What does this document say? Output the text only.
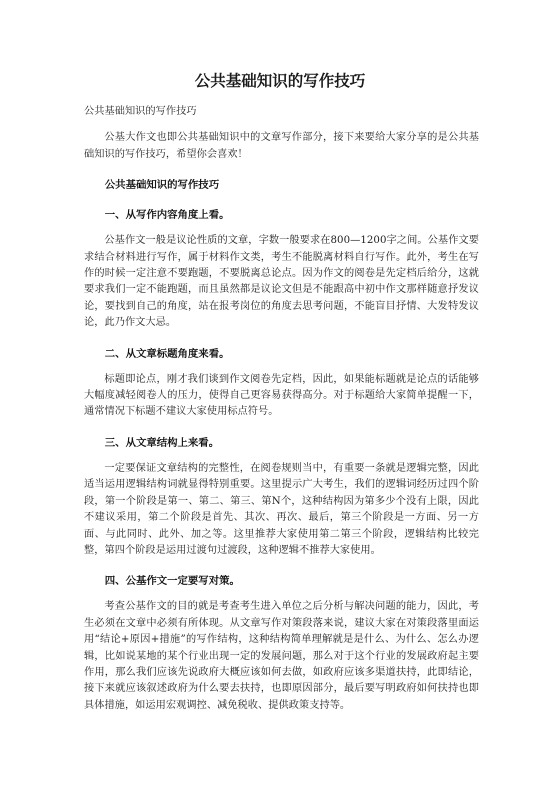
公共基础知识的写作技巧

公共基础知识的写作技巧

公基大作文也即公共基础知识中的文章写作部分，接下来要给大家分享的是公共基础知识的写作技巧，希望你会喜欢！

公共基础知识的写作技巧
一、从写作内容角度上看。

公基作文一般是议论性质的文章，字数一般要求在800—1200字之间。公基作文要求结合材料进行写作，属于材料作文类，考生不能脱离材料自行写作。此外，考生在写作的时候一定注意不要跑题，不要脱离总论点。因为作文的阅卷是先定档后给分，这就要求我们一定不能跑题，而且虽然都是议论文但是不能跟高中初中作文那样随意抒发议论，要找到自己的角度，站在报考岗位的角度去思考问题，不能盲目抒情、大发特发议论，此乃作文大忌。

二、从文章标题角度来看。

标题即论点，刚才我们谈到作文阅卷先定档，因此，如果能标题就是论点的话能够大幅度减轻阅卷人的压力，使得自己更容易获得高分。对于标题给大家简单提醒一下，通常情况下标题不建议大家使用标点符号。

三、从文章结构上来看。

一定要保证文章结构的完整性，在阅卷规则当中，有重要一条就是逻辑完整，因此适当运用逻辑结构词就显得特别重要。这里提示广大考生，我们的逻辑词经历过四个阶段，第一个阶段是第一、第二、第三、第N个，这种结构因为第多少个没有上限，因此不建议采用，第二个阶段是首先、其次、再次、最后，第三个阶段是一方面、另一方面、与此同时、此外、加之等。这里推荐大家使用第二第三个阶段，逻辑结构比较完整，第四个阶段是运用过渡句过渡段，这种逻辑不推荐大家使用。

四、公基作文一定要写对策。

考查公基作文的目的就是考查考生进入单位之后分析与解决问题的能力，因此，考生必须在文章中必须有所体现。从文章写作对策段落来说，建议大家在对策段落里面运用“结论+原因+措施”的写作结构，这种结构简单理解就是是什么、为什么、怎么办逻辑，比如说某地的某个行业出现一定的发展问题，那么对于这个行业的发展政府起主要作用，那么我们应该先说政府大概应该如何去做，如政府应该多渠道扶持，此即结论，接下来就应该叙述政府为什么要去扶持，也即原因部分，最后要写明政府如何扶持也即具体措施，如运用宏观调控、减免税收、提供政策支持等。
